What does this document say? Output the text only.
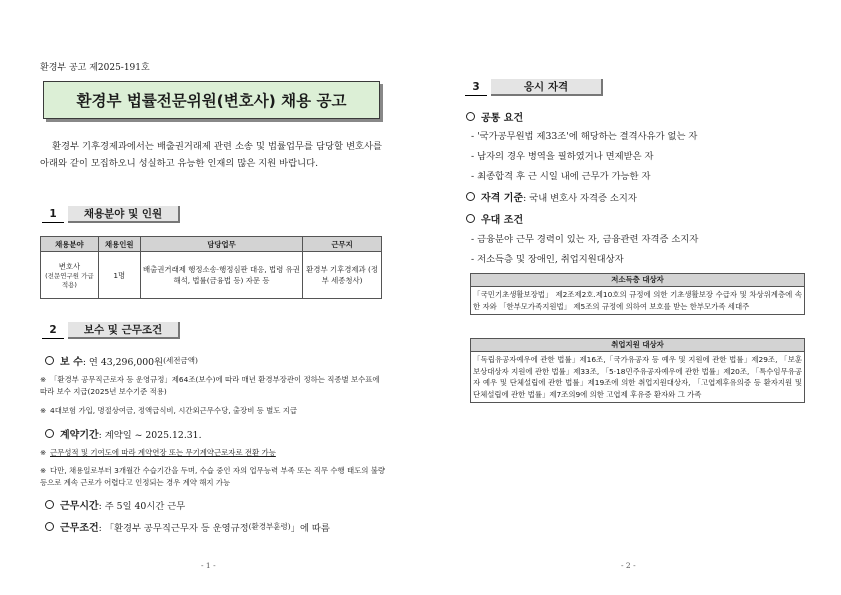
환경부 공고 제2025-191호
환경부 법률전문위원(변호사) 채용 공고
환경부 기후경제과에서는 배출권거래제 관련 소송 및 법률업무를 담당할 변호사를 아래와 같이 모집하오니 성실하고 유능한 인재의 많은 지원 바랍니다.
1	채용분야 및 인원
채용분야	채용인원	담당업무	근무지
변호사
(전문연구원 가급 적용)	1명	배출권거래제 행정소송·행정심판 대응, 법령 유권해석, 법률(금융법 등) 자문 등	환경부 기후경제과 (정부 세종청사)
2	보수 및 근무조건
보 수 : 연 43,296,000원 (세전금액)
※ 「환경부 공무직근로자 등 운영규정」제64조(보수)에 따라 매년 환경부장관이 정하는 직종별 보수표에 따라 보수 지급(2025년 보수기준 적용)
※ 4대보험 가입, 명절상여금, 정액급식비, 시간외근무수당, 출장비 등 별도 지급
계약기간 : 계약일 ~ 2025.12.31.
※ 근무성적 및 기여도에 따라 계약연장 또는 무기계약근로자로 전환 가능
※ 다만, 채용일로부터 3개월간 수습기간을 두며, 수습 중인 자의 업무능력 부족 또는 직무 수행 태도의 불량 등으로 계속 근로가 어렵다고 인정되는 경우 계약 해지 가능
근무시간 : 주 5일 40시간 근무
근무조건 : 「환경부 공무직근무자 등 운영규정 (환경부훈령) 」에 따름
- 1 -
3	응시 자격
공통 요건
- '국가공무원법 제33조'에 해당하는 결격사유가 없는 자
- 남자의 경우 병역을 필하였거나 면제받은 자
- 최종합격 후 근 시일 내에 근무가 가능한 자
자격 기준 : 국내 변호사 자격증 소지자
우대 조건
- 금융분야 근무 경력이 있는 자, 금융관련 자격증 소지자
- 저소득층 및 장애인, 취업지원대상자
저소득층 대상자
「국민기초생활보장법」 제2조제2호.제10호의 규정에 의한 기초생활보장 수급자 및 차상위계층에 속한 자와 「한부모가족지원법」 제5조의 규정에 의하여 보호를 받는 한부모가족 세대주
취업지원 대상자
「독립유공자예우에 관한 법률」제16조,「국가유공자 등 예우 및 지원에 관한 법률」제29조, 「보훈보상대상자 지원에 관한 법률」제33조, 「5·18민주유공자예우에 관한 법률」제20조, 「특수임무유공자 예우 및 단체설립에 관한 법률」제19조에 의한 취업지원대상자, 「고엽제후유의증 등 환자지원 및 단체설립에 관한 법률」제7조의9에 의한 고엽제 후유증 환자와 그 가족
- 2 -
